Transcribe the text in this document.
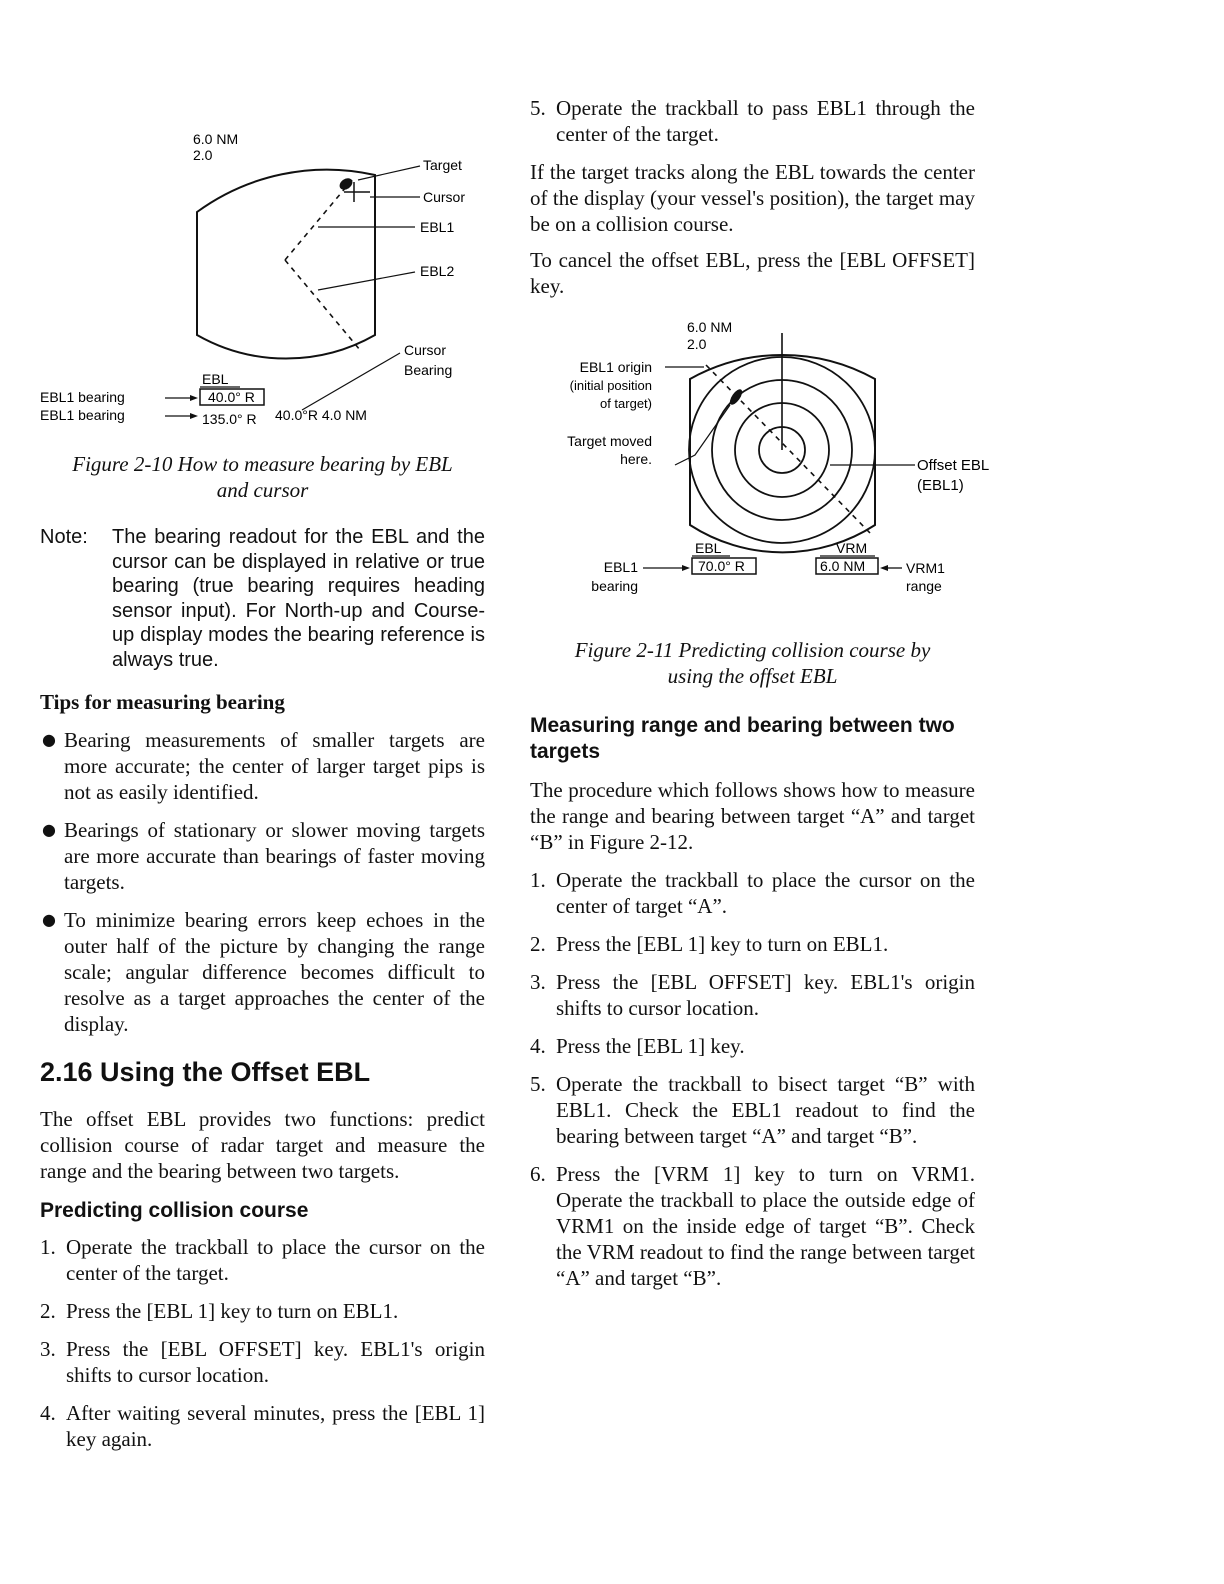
6.0 NM
2.0
Target
Cursor
EBL1
EBL2
Cursor
Bearing
EBL
40.0° R
EBL1 bearing
EBL1 bearing	135.0° R 40.0°R 4.0 NM

Figure 2-10 How to measure bearing by EBL and cursor

Note:	The bearing readout for the EBL and the cursor can be displayed in relative or true bearing (true bearing requires heading sensor input). For North-up and Course-up display modes the bearing reference is always true.
Tips for measuring bearing
● Bearing measurements of smaller targets are more accurate; the center of larger target pips is not as easily identified.
● Bearings of stationary or slower moving targets are more accurate than bearings of faster moving targets.
● To minimize bearing errors keep echoes in the outer half of the picture by changing the range scale; angular difference becomes difficult to resolve as a target approaches the center of the display.
2.16 Using the Offset EBL

The offset EBL provides two functions: predict collision course of radar target and measure the range and the bearing between two targets.

Predicting collision course
1. Operate the trackball to place the cursor on the center of the target.
2. Press the [EBL 1] key to turn on EBL1.
3. Press the [EBL OFFSET] key. EBL1's origin shifts to cursor location.
4. After waiting several minutes, press the [EBL 1] key again.
5. Operate the trackball to pass EBL1 through the center of the target.

If the target tracks along the EBL towards the center of the display (your vessel's position), the target may be on a collision course.

To cancel the offset EBL, press the [EBL OFFSET] key.

6.0 NM
2.0
EBL1 origin
(initial position
of target)
Target moved
here.	Offset EBL
(EBL1)
EBL
70.0° R
VRM
6.0 NM
EBL1
bearing
VRM1
range

Figure 2-11 Predicting collision course by using the offset EBL

Measuring range and bearing between two targets

The procedure which follows shows how to measure the range and bearing between target “A” and target “B” in Figure 2-12.

1. Operate the trackball to place the cursor on the center of target “A”.
2. Press the [EBL 1] key to turn on EBL1.
3. Press the [EBL OFFSET] key. EBL1's origin shifts to cursor location.
4. Press the [EBL 1] key.
5. Operate the trackball to bisect target “B” with EBL1. Check the EBL1 readout to find the bearing between target “A” and target “B”.
6. Press the [VRM 1] key to turn on VRM1. Operate the trackball to place the outside edge of VRM1 on the inside edge of target “B”. Check the VRM readout to find the range between target “A” and target “B”.
